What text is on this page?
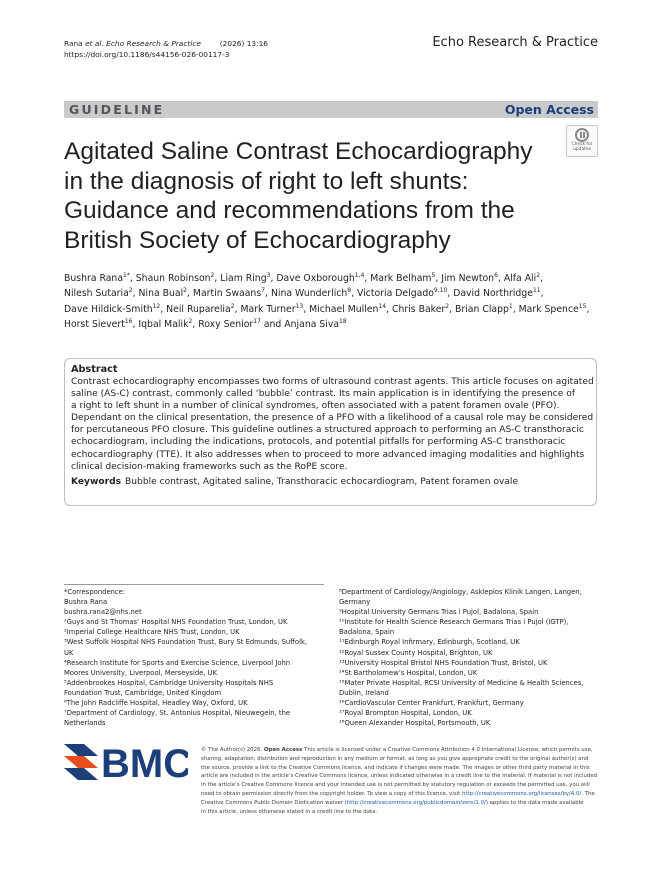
Rana et al. Echo Research & Practice	(2026) 13:16
https://doi.org/10.1186/s44156-026-00117-3
Echo Research & Practice
GUIDELINE	Open Access
Check for
updates
Agitated Saline Contrast Echocardiography
in the diagnosis of right to left shunts:
Guidance and recommendations from the
British Society of Echocardiography
Bushra Rana$^{1*}$, Shaun Robinson$^2$, Liam Ring$^3$, Dave Oxborough$^{1,4}$, Mark Belham$^5$, Jim Newton$^6$, Alfa Ali$^2$,
Nilesh Sutaria$^2$, Nina Bual$^2$, Martin Swaans$^7$, Nina Wunderlich$^8$, Victoria Delgado$^{9,10}$, David Northridge$^{11}$,
Dave Hildick-Smith$^{12}$, Neil Ruparelia$^2$, Mark Turner$^{13}$, Michael Mullen$^{14}$, Chris Baker$^2$, Brian Clapp$^1$, Mark Spence$^{15}$,
Horst Sievert$^{16}$, Iqbal Malik$^2$, Roxy Senior$^{17}$ and Anjana Siva$^{18}$
Abstract
Contrast echocardiography encompasses two forms of ultrasound contrast agents. This article focuses on agitated
saline (AS-C) contrast, commonly called ‘bubble’ contrast. Its main application is in identifying the presence of
a right to left shunt in a number of clinical syndromes, often associated with a patent foramen ovale (PFO).
Dependant on the clinical presentation, the presence of a PFO with a likelihood of a causal role may be considered
for percutaneous PFO closure. This guideline outlines a structured approach to performing an AS-C transthoracic
echocardiogram, including the indications, protocols, and potential pitfalls for performing AS-C transthoracic
echocardiography (TTE). It also addresses when to proceed to more advanced imaging modalities and highlights
clinical decision-making frameworks such as the RoPE score.
Keywords Bubble contrast, Agitated saline, Transthoracic echocardiogram, Patent foramen ovale
*Correspondence:
Bushra Rana
bushra.rana2@nhs.net
¹Guys and St Thomas’ Hospital NHS Foundation Trust, London, UK
²Imperial College Healthcare NHS Trust, London, UK
³West Suffolk Hospital NHS Foundation Trust, Bury St Edmunds, Suffolk,
UK
⁴Research Institute for Sports and Exercise Science, Liverpool John
Moores University, Liverpool, Merseyside, UK
⁵Addenbrookes Hospital, Cambridge University Hospitals NHS
Foundation Trust, Cambridge, United Kingdom
⁶The John Radcliffe Hospital, Headley Way, Oxford, UK
⁷Department of Cardiology, St. Antonius Hospital, Nieuwegein, the
Netherlands
⁸Department of Cardiology/Angiology, Asklepios Klinik Langen, Langen,
Germany
⁹Hospital University Germans Trias i Pujol, Badalona, Spain
¹⁰Institute for Health Science Research Germans Trias i Pujol (IGTP),
Badalona, Spain
¹¹Edinburgh Royal Infirmary, Edinburgh, Scotland, UK
¹²Royal Sussex County Hospital, Brighton, UK
¹³University Hospital Bristol NHS Foundation Trust, Bristol, UK
¹⁴St Bartholomew’s Hospital, London, UK
¹⁵Mater Private Hospital, RCSI University of Medicine & Health Sciences,
Dublin, Ireland
¹⁶CardioVascular Center Frankfurt, Frankfurt, Germany
¹⁷Royal Brompton Hospital, London, UK
¹⁸Queen Alexander Hospital, Portsmouth, UK
BMC © The Author(s) 2026. Open Access This article is licensed under a Creative Commons Attribution 4.0 International License, which permits use,
sharing, adaptation, distribution and reproduction in any medium or format, as long as you give appropriate credit to the original author(s) and
the source, provide a link to the Creative Commons licence, and indicate if changes were made. The images or other third party material in this
article are included in the article’s Creative Commons licence, unless indicated otherwise in a credit line to the material. If material is not included
in the article’s Creative Commons licence and your intended use is not permitted by statutory regulation or exceeds the permitted use, you will
need to obtain permission directly from the copyright holder. To view a copy of this licence, visit http://creativecommons.org/licenses/by/4.0/. The
Creative Commons Public Domain Dedication waiver (http://creativecommons.org/publicdomain/zero/1.0/) applies to the data made available
in this article, unless otherwise stated in a credit line to the data.
